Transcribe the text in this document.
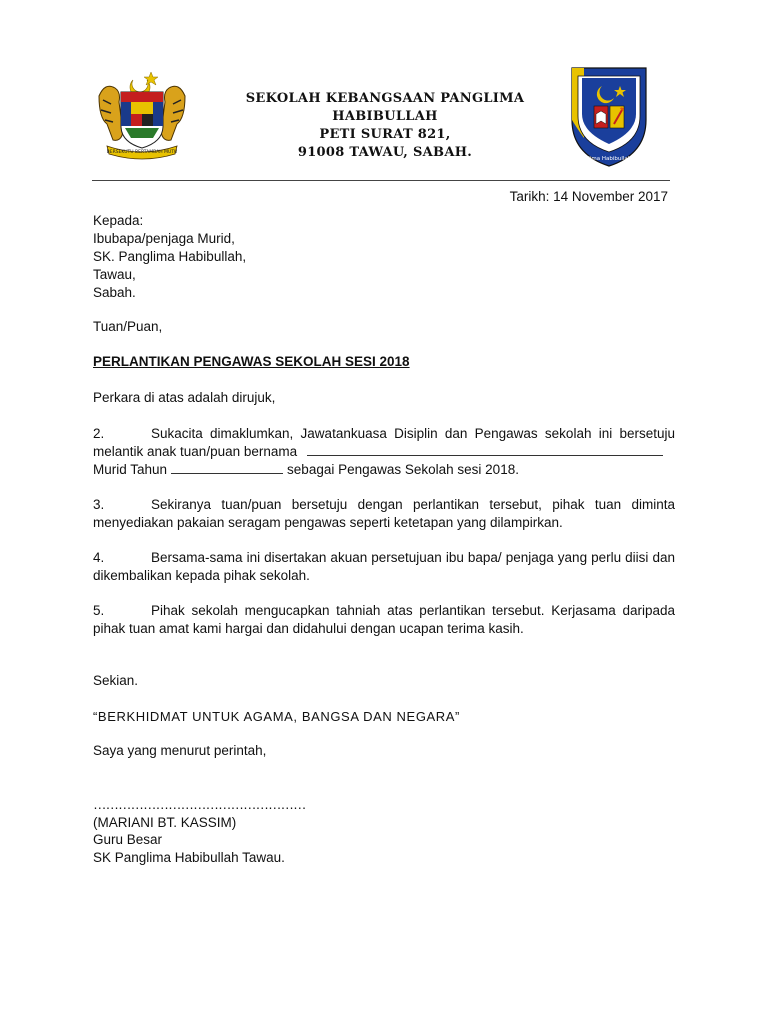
BERSEKUTU BERTAMBAH MUTU
SEKOLAH KEBANGSAAN PANGLIMA
HABIBULLAH
PETI SURAT 821,
91008 TAWAU, SABAH.	SK Panglima Habibullah, Tawau
Tarikh: 14 November 2017
Kepada:
Ibubapa/penjaga Murid,
SK. Panglima Habibullah,
Tawau,
Sabah.
Tuan/Puan,
PERLANTIKAN PENGAWAS SEKOLAH SESI 2018
Perkara di atas adalah dirujuk,
2.	Sukacita dimaklumkan, Jawatankuasa Disiplin dan Pengawas sekolah ini bersetuju melantik anak tuan/puan bernama
Murid Tahun	sebagai Pengawas Sekolah sesi 2018.
3.	Sekiranya tuan/puan bersetuju dengan perlantikan tersebut, pihak tuan diminta menyediakan pakaian seragam pengawas seperti ketetapan yang dilampirkan.
4.	Bersama-sama ini disertakan akuan persetujuan ibu bapa/ penjaga yang perlu diisi dan dikembalikan kepada pihak sekolah.
5.	Pihak sekolah mengucapkan tahniah atas perlantikan tersebut. Kerjasama daripada pihak tuan amat kami hargai dan didahului dengan ucapan terima kasih.
Sekian.
“BERKHIDMAT UNTUK AGAMA, BANGSA DAN NEGARA”
Saya yang menurut perintah,
……………………………………………
(MARIANI BT. KASSIM)
Guru Besar
SK Panglima Habibullah Tawau.
